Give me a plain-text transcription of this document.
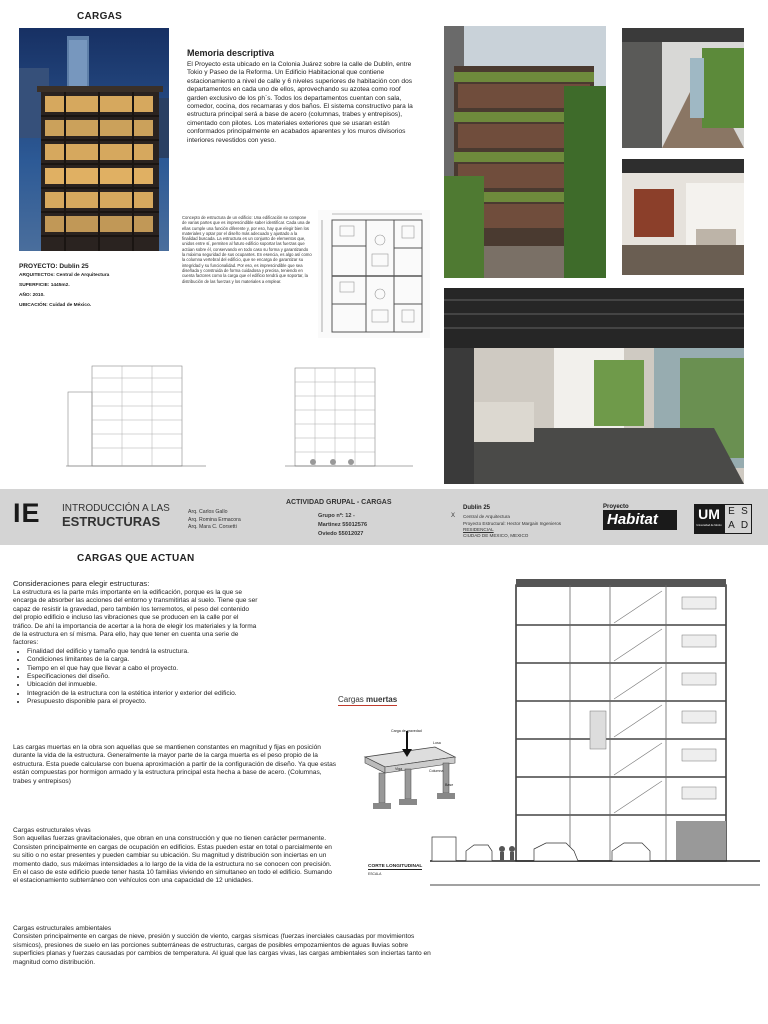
CARGAS
PROYECTO: Dublin 25
ARQUITECTOs: Central de Arquitectura
SUPERFICIE: 1445m2.
AÑO: 2010.
UBICACIÓN: Cuidad de México.
Memoria descriptiva
El Proyecto esta ubicado en la Colonia Juárez sobre la calle de Dublín, entre Tokio y Paseo de la Reforma. Un Edificio Habitacional que contiene estacionamiento a nivel de calle y 6 niveles superiores de habitación con dos departamentos en cada uno de ellos, aprovechando su azotea como roof garden exclusivo de los ph´s. Todos los departamentos cuentan con sala, comedor, cocina, dos recamaras y dos baños. El sistema constructivo para la estructura principal será a base de acero (columnas, trabes y entrepisos), cimentado con pilotes. Los materiales exteriores que se usaran están conformados principalmente en acabados aparentes y los muros divisorios interiores revestidos con yeso.
Concepto de estructura de un edificio: Una edificación se compone de varias partes que es imprescindible saber identificar. Cada una de ellas cumple una función diferente y, por eso, hay que elegir bien los materiales y optar por el diseño más adecuado y ajustado a la finalidad buscada. La estructura es un conjunto de elementos que, unidos entre sí, permiten al futuro edificio soportar las fuerzas que actúan sobre él, conservando en todo caso su forma y garantizando la máxima seguridad de sus ocupantes. En esencia, es algo así como la columna vertebral del edificio, que se encarga de garantizar su integridad y su funcionalidad. Por eso, es imprescindible que sea diseñada y construida de forma cuidadosa y precisa, teniendo en cuenta factores como la carga que el edificio tendrá que soportar, la distribución de las fuerzas y los materiales a emplear.
IE INTRODUCCIÓN A LAS
ESTRUCTURAS
Arq. Carlos Gallo
Arq. Romina Ermacora
Arq. Mara C. Corsetti
ACTIVIDAD GRUPAL - CARGAS
Grupo nº: 12 -
Martinez 55012576
Oviedo 55012027
X
Dublin 25
Central de Arquitectura
Proyecto Estructural: Hector Margain Ingenieros
RESIDENCIAL
CIUDAD DE MEXICO, MEXICO
Proyecto
Habitat	UM
Universidad de Morón
E S
A D
CARGAS QUE ACTUAN
Consideraciones para elegir estructuras:
La estructura es la parte más importante en la edificación, porque es la que se encarga de absorber las acciones del entorno y transmitirlas al suelo. Tiene que ser capaz de resistir la gravedad, pero también los terremotos, el peso del contenido del propio edificio e incluso las vibraciones que se producen en la calle por el tráfico. De ahí la importancia de acertar a la hora de elegir los materiales y la forma de la estructura en sí misma. Para ello, hay que tener en cuenta una serie de factores:
• Finalidad del edificio y tamaño que tendrá la estructura.
• Condiciones limitantes de la carga.
• Tiempo en el que hay que llevar a cabo el proyecto.
• Especificaciones del diseño.
• Ubicación del inmueble.
• Integración de la estructura con la estética interior y exterior del edificio.
• Presupuesto disponible para el proyecto.	Cargas muertas
Las cargas muertas en la obra son aquellas que se mantienen constantes en magnitud y fijas en posición durante la vida de la estructura. Generalmente la mayor parte de la carga muerta es el peso propio de la estructura. Esta puede calcularse con buena aproximación a partir de la configuración de diseño. Ya que estas están compuestas por hormigon armado y la estructura principal esta hecha a base de acero. (Columnas, trabes y entrepisos)
Carga de gravedad
Losa
Viga	Columna
Base
CORTE LONGITUDINAL
ESCALA
Cargas estructurales vivas
Son aquellas fuerzas gravitacionales, que obran en una construcción y que no tienen carácter permanente. Consisten principalmente en cargas de ocupación en edificios. Estas pueden estar en total o parcialmente en su sitio o no estar presentes y pueden cambiar su ubicación. Su magnitud y distribución son inciertas en un momento dado, sus máximas intensidades a lo largo de la vida de la estructura no se conocen con precisión. En el caso de este edificio puede tener hasta 10 familias viviendo en simultaneo en todo el edificio. Sumando el estacionamiento subterráneo con vehículos con una capacidad de 12 unidades.
Cargas estructurales ambientales
Consisten principalmente en cargas de nieve, presión y succión de viento, cargas sísmicas (fuerzas inerciales causadas por movimientos sísmicos), presiones de suelo en las porciones subterráneas de estructuras, cargas de posibles empozamientos de aguas lluvias sobre superficies planas y fuerzas causadas por cambios de temperatura. Al igual que las cargas vivas, las cargas ambientales son inciertas tanto en magnitud como distribución.
